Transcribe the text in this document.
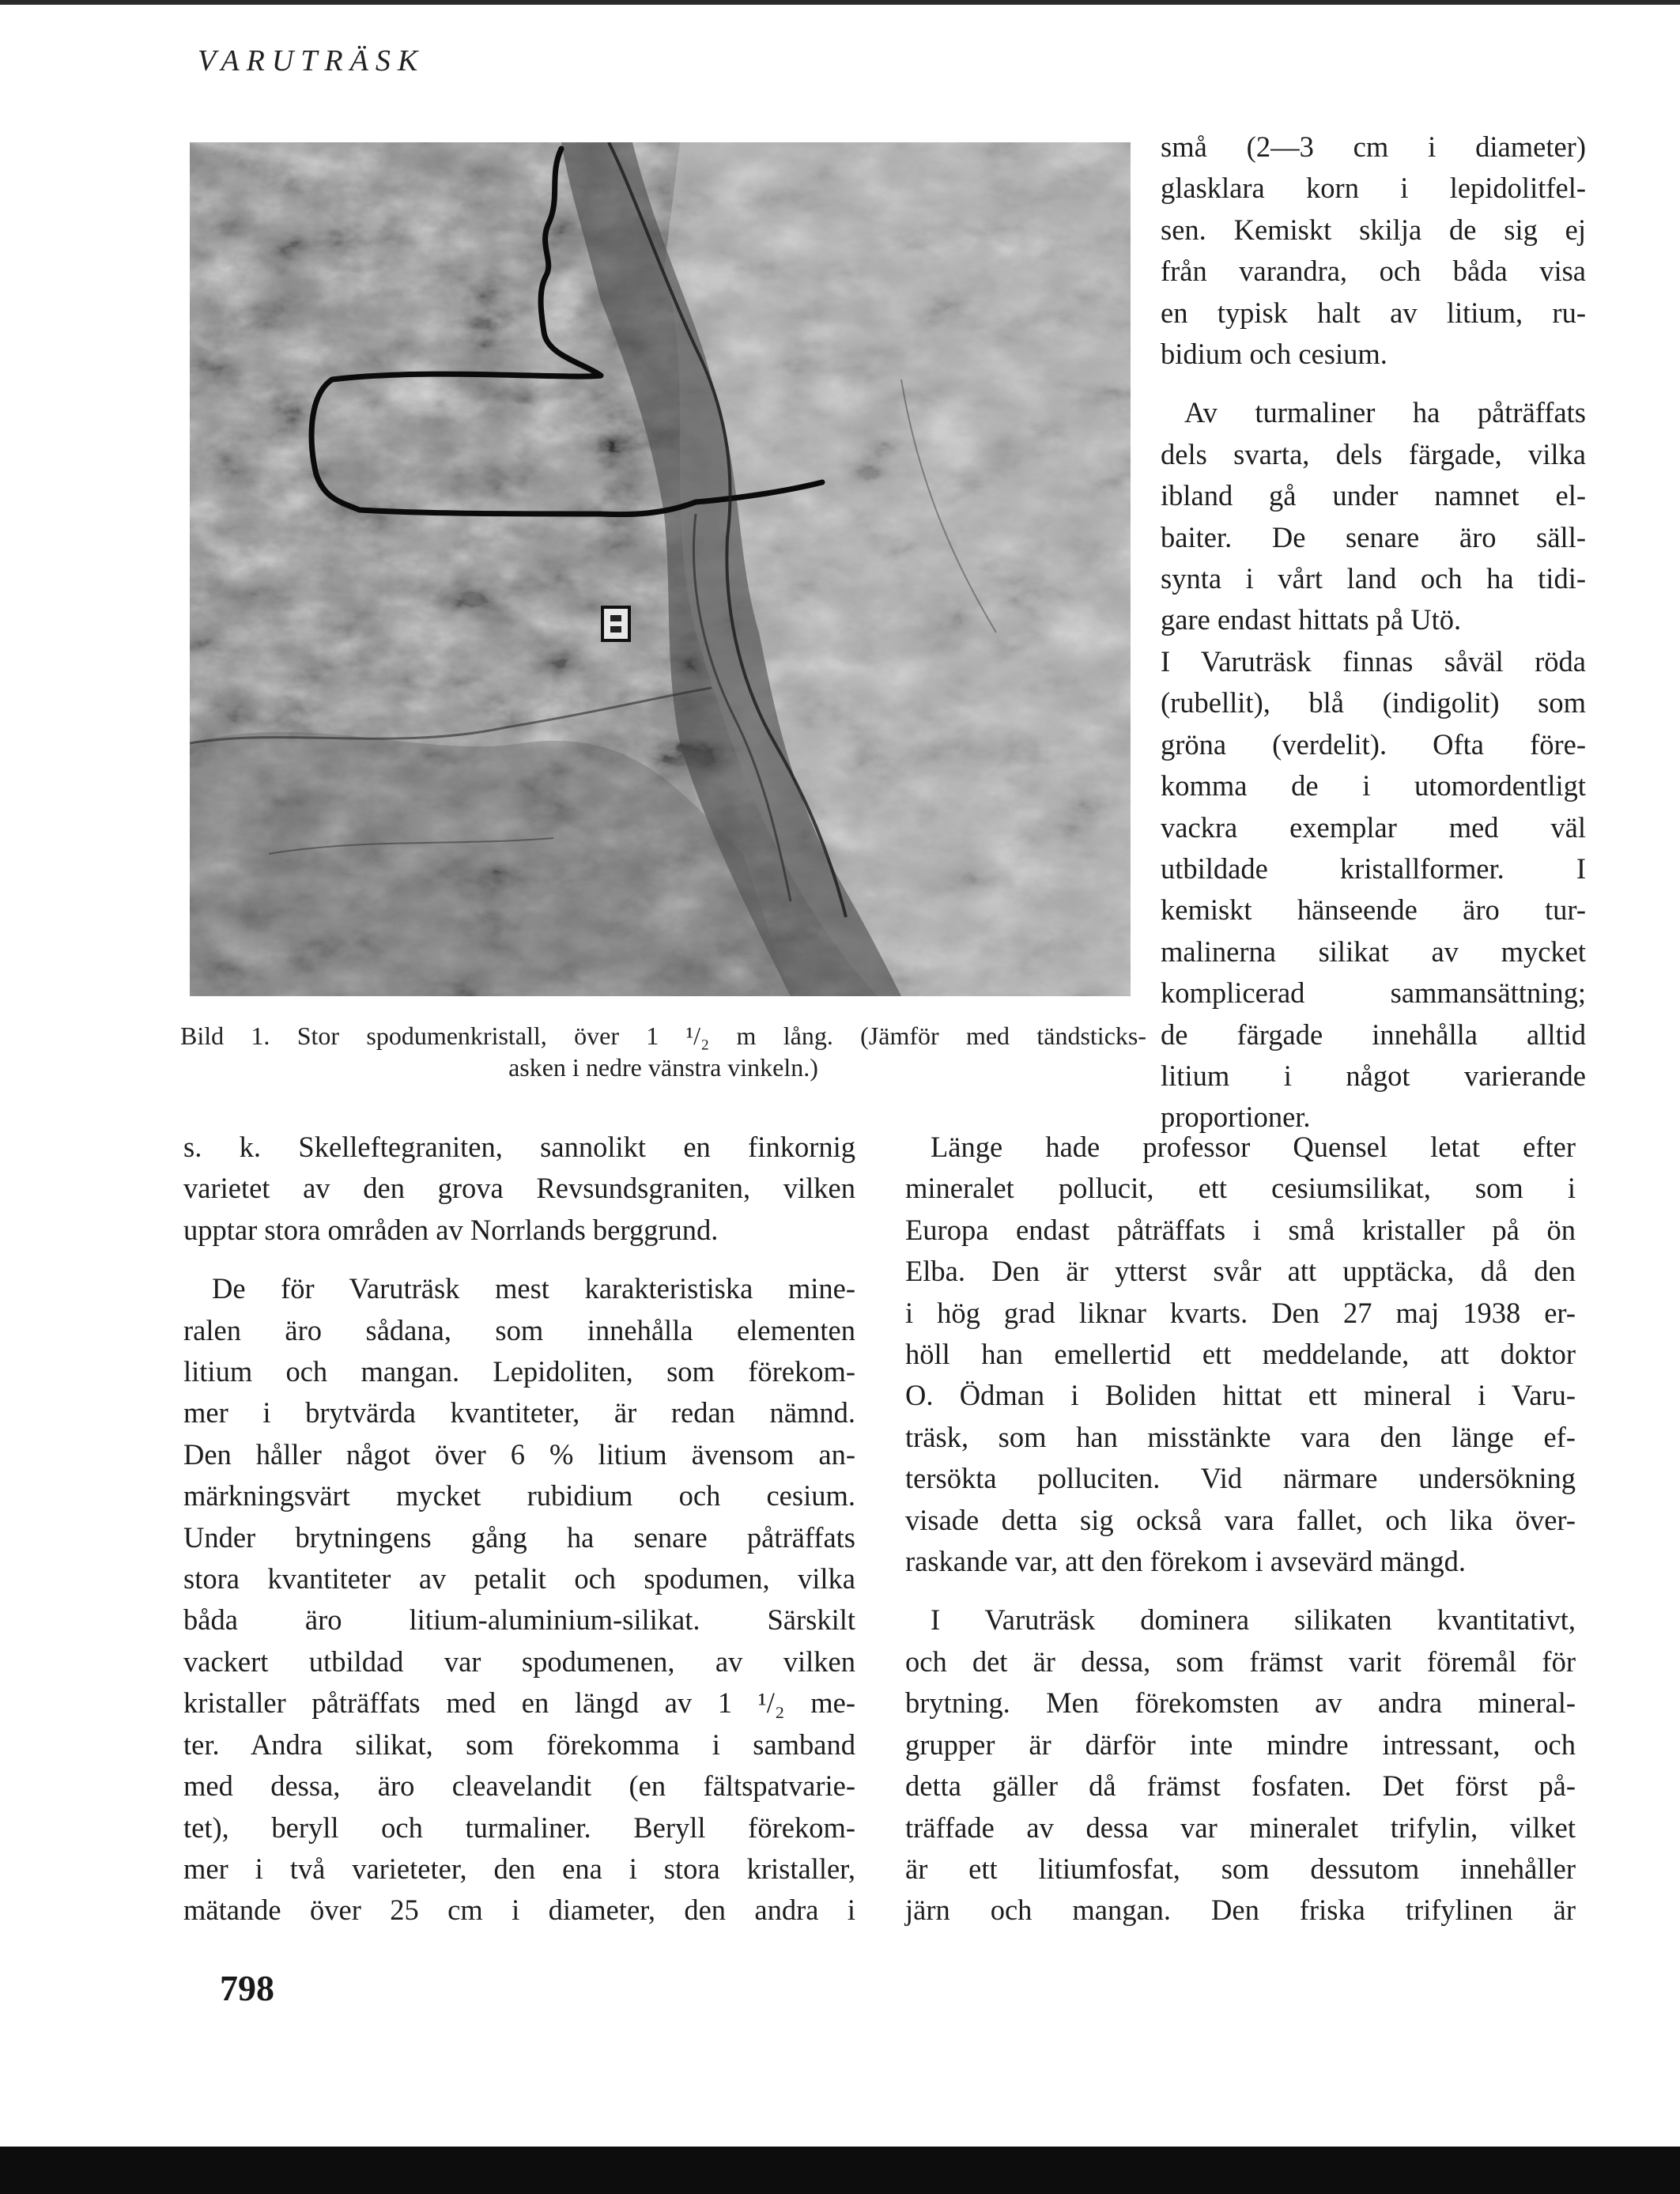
VARUTRÄSK
Bild 1. Stor spodumenkristall, över 1 ¹/₂ m lång. (Jämför med tändsticks-
asken i nedre vänstra vinkeln.)

små (2—3 cm i diameter)
glasklara korn i lepidolitfel-
sen. Kemiskt skilja de sig ej
från varandra, och båda visa
en typisk halt av litium, ru-
bidium och cesium.

Av turmaliner ha påträffats
dels svarta, dels färgade, vilka
ibland gå under namnet el-
baiter. De senare äro säll-
synta i vårt land och ha tidi-
gare endast hittats på Utö.
I Varuträsk finnas såväl röda
(rubellit), blå (indigolit) som
gröna (verdelit). Ofta före-
komma de i utomordentligt
vackra exemplar med väl
utbildade kristallformer. I
kemiskt hänseende äro tur-
malinerna silikat av mycket
komplicerad sammansättning;
de färgade innehålla alltid
litium i något varierande
proportioner.

s. k. Skelleftegraniten, sannolikt en finkornig
varietet av den grova Revsundsgraniten, vilken
upptar stora områden av Norrlands berggrund.

De för Varuträsk mest karakteristiska mine-
ralen äro sådana, som innehålla elementen
litium och mangan. Lepidoliten, som förekom-
mer i brytvärda kvantiteter, är redan nämnd.
Den håller något över 6 % litium ävensom an-
märkningsvärt mycket rubidium och cesium.
Under brytningens gång ha senare påträffats
stora kvantiteter av petalit och spodumen, vilka
båda äro litium-aluminium-silikat. Särskilt
vackert utbildad var spodumenen, av vilken
kristaller påträffats med en längd av 1 ¹/₂ me-
ter. Andra silikat, som förekomma i samband
med dessa, äro cleavelandit (en fältspatvarie-
tet), beryll och turmaliner. Beryll förekom-
mer i två varieteter, den ena i stora kristaller,
mätande över 25 cm i diameter, den andra i

Länge hade professor Quensel letat efter
mineralet pollucit, ett cesiumsilikat, som i
Europa endast påträffats i små kristaller på ön
Elba. Den är ytterst svår att upptäcka, då den
i hög grad liknar kvarts. Den 27 maj 1938 er-
höll han emellertid ett meddelande, att doktor
O. Ödman i Boliden hittat ett mineral i Varu-
träsk, som han misstänkte vara den länge ef-
tersökta polluciten. Vid närmare undersökning
visade detta sig också vara fallet, och lika över-
raskande var, att den förekom i avsevärd mängd.

I Varuträsk dominera silikaten kvantitativt,
och det är dessa, som främst varit föremål för
brytning. Men förekomsten av andra mineral-
grupper är därför inte mindre intressant, och
detta gäller då främst fosfaten. Det först på-
träffade av dessa var mineralet trifylin, vilket
är ett litiumfosfat, som dessutom innehåller
järn och mangan. Den friska trifylinen är

798
